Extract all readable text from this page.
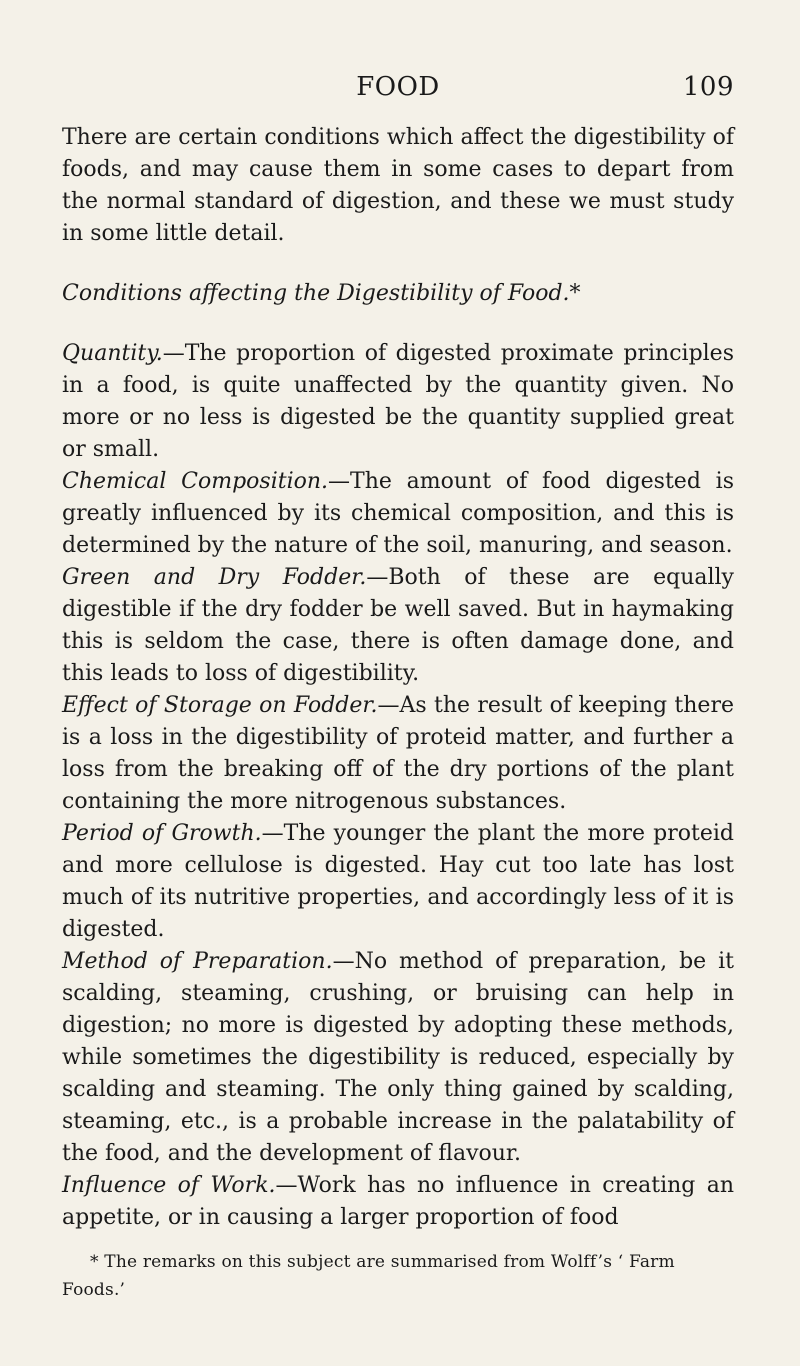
FOOD	109

There are certain conditions which affect the digestibility of foods, and may cause them in some cases to depart from the normal standard of digestion, and these we must study in some little detail.

Conditions affecting the Digestibility of Food.*

Quantity.—The proportion of digested proximate principles in a food, is quite unaffected by the quantity given. No more or no less is digested be the quantity supplied great or small.

Chemical Composition.—The amount of food digested is greatly influenced by its chemical composition, and this is determined by the nature of the soil, manuring, and season.

Green and Dry Fodder.—Both of these are equally digestible if the dry fodder be well saved. But in haymaking this is seldom the case, there is often damage done, and this leads to loss of digestibility.

Effect of Storage on Fodder.—As the result of keeping there is a loss in the digestibility of proteid matter, and further a loss from the breaking off of the dry portions of the plant containing the more nitrogenous substances.

Period of Growth.—The younger the plant the more proteid and more cellulose is digested. Hay cut too late has lost much of its nutritive properties, and accordingly less of it is digested.

Method of Preparation.—No method of preparation, be it scalding, steaming, crushing, or bruising can help in digestion; no more is digested by adopting these methods, while sometimes the digestibility is reduced, especially by scalding and steaming. The only thing gained by scalding, steaming, etc., is a probable increase in the palatability of the food, and the development of flavour.

Influence of Work.—Work has no influence in creating an appetite, or in causing a larger proportion of food

* The remarks on this subject are summarised from Wolff’s ‘ Farm Foods.’
